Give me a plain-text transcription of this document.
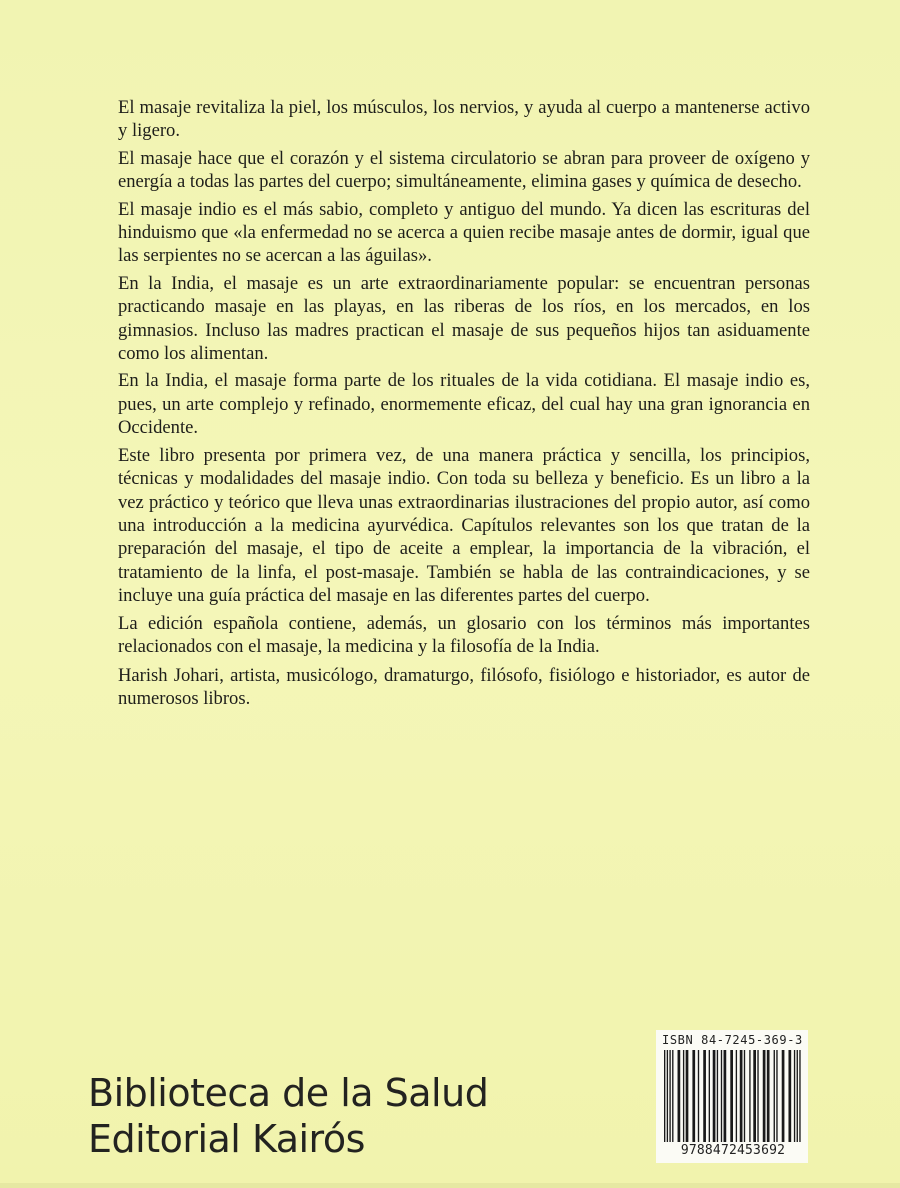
El masaje revitaliza la piel, los músculos, los nervios, y ayuda al cuerpo a mantenerse activo y ligero.

El masaje hace que el corazón y el sistema circulatorio se abran para proveer de oxígeno y energía a todas las partes del cuerpo; simultáneamente, elimina gases y química de desecho.

El masaje indio es el más sabio, completo y antiguo del mundo. Ya dicen las escrituras del hinduismo que «la enfermedad no se acerca a quien recibe masaje antes de dormir, igual que las serpientes no se acercan a las águilas».

En la India, el masaje es un arte extraordinariamente popular: se encuentran personas practicando masaje en las playas, en las riberas de los ríos, en los mercados, en los gimnasios. Incluso las madres practican el masaje de sus pequeños hijos tan asiduamente como los alimentan.

En la India, el masaje forma parte de los rituales de la vida cotidiana. El masaje indio es, pues, un arte complejo y refinado, enormemente eficaz, del cual hay una gran ignorancia en Occidente.

Este libro presenta por primera vez, de una manera práctica y sencilla, los principios, técnicas y modalidades del masaje indio. Con toda su belleza y beneficio. Es un libro a la vez práctico y teórico que lleva unas extraordinarias ilustraciones del propio autor, así como una introducción a la medicina ayurvédica. Capítulos relevantes son los que tratan de la preparación del masaje, el tipo de aceite a emplear, la importancia de la vibración, el tratamiento de la linfa, el post-masaje. También se habla de las contraindicaciones, y se incluye una guía práctica del masaje en las diferentes partes del cuerpo.

La edición española contiene, además, un glosario con los términos más importantes relacionados con el masaje, la medicina y la filosofía de la India.

Harish Johari, artista, musicólogo, dramaturgo, filósofo, fisiólogo e historiador, es autor de numerosos libros.
Biblioteca de la Salud
Editorial Kairós
ISBN 84-7245-369-3
9788472453692
